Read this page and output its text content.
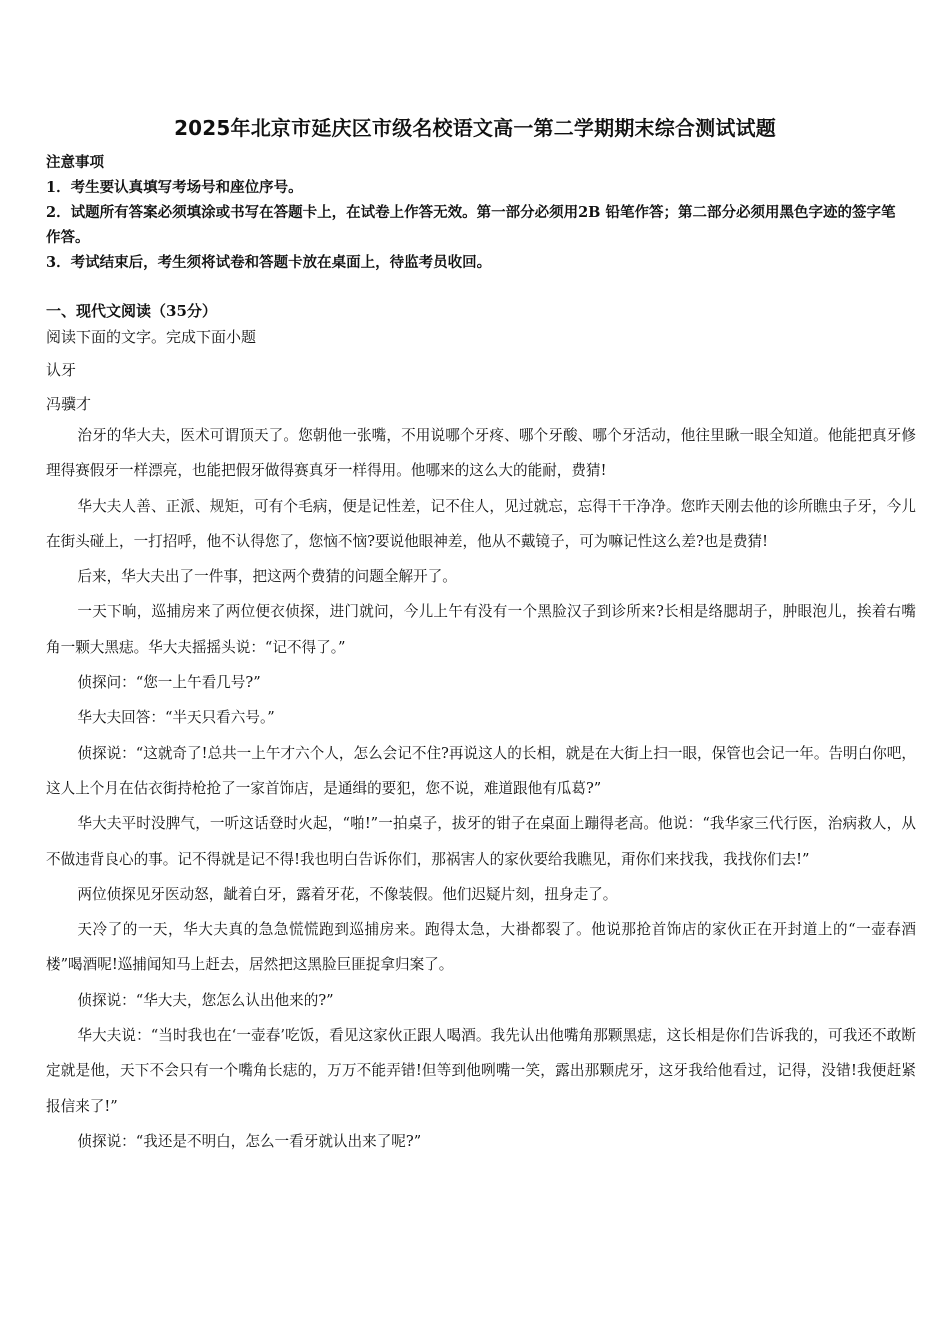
2025年北京市延庆区市级名校语文高一第二学期期末综合测试试题
注意事项
1．考生要认真填写考场号和座位序号。
2．试题所有答案必须填涂或书写在答题卡上，在试卷上作答无效。第一部分必须用2B 铅笔作答；第二部分必须用黑色字迹的签字笔作答。
3．考试结束后，考生须将试卷和答题卡放在桌面上，待监考员收回。
一、现代文阅读（35分）
阅读下面的文字。完成下面小题
认牙
冯骥才

治牙的华大夫，医术可谓顶天了。您朝他一张嘴，不用说哪个牙疼、哪个牙酸、哪个牙活动，他往里瞅一眼全知道。他能把真牙修理得赛假牙一样漂亮，也能把假牙做得赛真牙一样得用。他哪来的这么大的能耐，费猜!

华大夫人善、正派、规矩，可有个毛病，便是记性差，记不住人，见过就忘，忘得干干净净。您昨天刚去他的诊所瞧虫子牙，今儿在街头碰上，一打招呼，他不认得您了，您恼不恼?要说他眼神差，他从不戴镜子，可为嘛记性这么差?也是费猜!

后来，华大夫出了一件事，把这两个费猜的问题全解开了。

一天下晌，巡捕房来了两位便衣侦探，进门就问，今儿上午有没有一个黑脸汉子到诊所来?长相是络腮胡子，肿眼泡儿，挨着右嘴角一颗大黑痣。华大夫摇摇头说：“记不得了。”

侦探问：“您一上午看几号?”

华大夫回答：“半天只看六号。”

侦探说：“这就奇了!总共一上午才六个人，怎么会记不住?再说这人的长相，就是在大街上扫一眼，保管也会记一年。告明白你吧，这人上个月在估衣街持枪抢了一家首饰店，是通缉的要犯，您不说，难道跟他有瓜葛?”

华大夫平时没脾气，一听这话登时火起，“啪!”一拍桌子，拔牙的钳子在桌面上蹦得老高。他说：“我华家三代行医，治病救人，从不做违背良心的事。记不得就是记不得!我也明白告诉你们，那祸害人的家伙要给我瞧见，甭你们来找我，我找你们去!”

两位侦探见牙医动怒，龇着白牙，露着牙花，不像装假。他们迟疑片刻，扭身走了。

天冷了的一天，华大夫真的急急慌慌跑到巡捕房来。跑得太急，大褂都裂了。他说那抢首饰店的家伙正在开封道上的“一壶春酒楼”喝酒呢!巡捕闻知马上赶去，居然把这黑脸巨匪捉拿归案了。

侦探说：“华大夫，您怎么认出他来的?”

华大夫说：“当时我也在‘一壶春’吃饭，看见这家伙正跟人喝酒。我先认出他嘴角那颗黑痣，这长相是你们告诉我的，可我还不敢断定就是他，天下不会只有一个嘴角长痣的，万万不能弄错!但等到他咧嘴一笑，露出那颗虎牙，这牙我给他看过，记得，没错!我便赶紧报信来了!”

侦探说：“我还是不明白，怎么一看牙就认出来了呢?”
